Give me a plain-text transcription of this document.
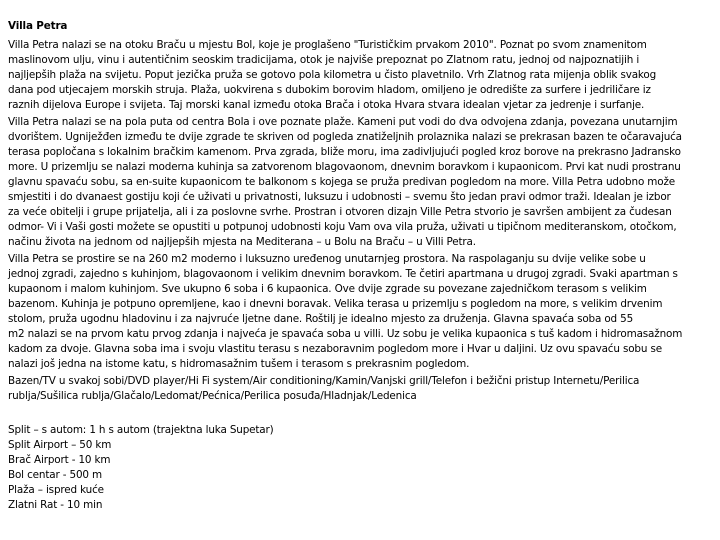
Villa Petra
Villa Petra nalazi se na otoku Braču u mjestu Bol, koje je proglašeno "Turističkim prvakom 2010". Poznat po svom znamenitom
maslinovom ulju, vinu i autentičnim seoskim tradicijama, otok je najviše prepoznat po Zlatnom ratu, jednoj od najpoznatijih i
najljepših plaža na svijetu. Poput jezička pruža se gotovo pola kilometra u čisto plavetnilo. Vrh Zlatnog rata mijenja oblik svakog
dana pod utjecajem morskih struja. Plaža, uokvirena s dubokim borovim hladom, omiljeno je odredište za surfere i jedriličare iz
raznih dijelova Europe i svijeta. Taj morski kanal između otoka Brača i otoka Hvara stvara idealan vjetar za jedrenje i surfanje.
Villa Petra nalazi se na pola puta od centra Bola i ove poznate plaže. Kameni put vodi do dva odvojena zdanja, povezana unutarnjim
dvorištem. Ugniježđen između te dvije zgrade te skriven od pogleda znatiželjnih prolaznika nalazi se prekrasan bazen te očaravajuća
terasa popločana s lokalnim bračkim kamenom. Prva zgrada, bliže moru, ima zadivljujući pogled kroz borove na prekrasno Jadransko
more. U prizemlju se nalazi moderna kuhinja sa zatvorenom blagovaonom, dnevnim boravkom i kupaonicom. Prvi kat nudi prostranu
glavnu spavaću sobu, sa en-suite kupaonicom te balkonom s kojega se pruža predivan pogledom na more. Villa Petra udobno može
smjestiti i do dvanaest gostiju koji će uživati u privatnosti, luksuzu i udobnosti – svemu što jedan pravi odmor traži. Idealan je izbor
za veće obitelji i grupe prijatelja, ali i za poslovne svrhe. Prostran i otvoren dizajn Ville Petra stvorio je savršen ambijent za čudesan
odmor- Vi i Vaši gosti možete se opustiti u potpunoj udobnosti koju Vam ova vila pruža, uživati u tipičnom mediteranskom, otočkom,
načinu života na jednom od najljepših mjesta na Mediterana – u Bolu na Braču – u Villi Petra.
Villa Petra se prostire se na 260 m2 moderno i luksuzno uređenog unutarnjeg prostora. Na raspolaganju su dvije velike sobe u
jednoj zgradi, zajedno s kuhinjom, blagovaonom i velikim dnevnim boravkom. Te četiri apartmana u drugoj zgradi. Svaki apartman s
kupaonom i malom kuhinjom. Sve ukupno 6 soba i 6 kupaonica. Ove dvije zgrade su povezane zajedničkom terasom s velikim
bazenom. Kuhinja je potpuno opremljene, kao i dnevni boravak. Velika terasa u prizemlju s pogledom na more, s velikim drvenim
stolom, pruža ugodnu hladovinu i za najvruće ljetne dane. Roštilj je idealno mjesto za druženja. Glavna spavaća soba od 55
m2 nalazi se na prvom katu prvog zdanja i najveća je spavaća soba u villi. Uz sobu je velika kupaonica s tuš kadom i hidromasažnom
kadom za dvoje. Glavna soba ima i svoju vlastitu terasu s nezaboravnim pogledom more i Hvar u daljini. Uz ovu spavaću sobu se
nalazi još jedna na istome katu, s hidromasažnim tušem i terasom s prekrasnim pogledom.
Bazen/TV u svakoj sobi/DVD player/Hi Fi system/Air conditioning/Kamin/Vanjski grill/Telefon i bežični pristup Internetu/Perilica
rublja/Sušilica rublja/Glačalo/Ledomat/Pećnica/Perilica posuđa/Hladnjak/Ledenica
Split – s autom: 1 h s autom (trajektna luka Supetar)
Split Airport – 50 km
Brač Airport - 10 km
Bol centar - 500 m
Plaža – ispred kuće
Zlatni Rat - 10 min
